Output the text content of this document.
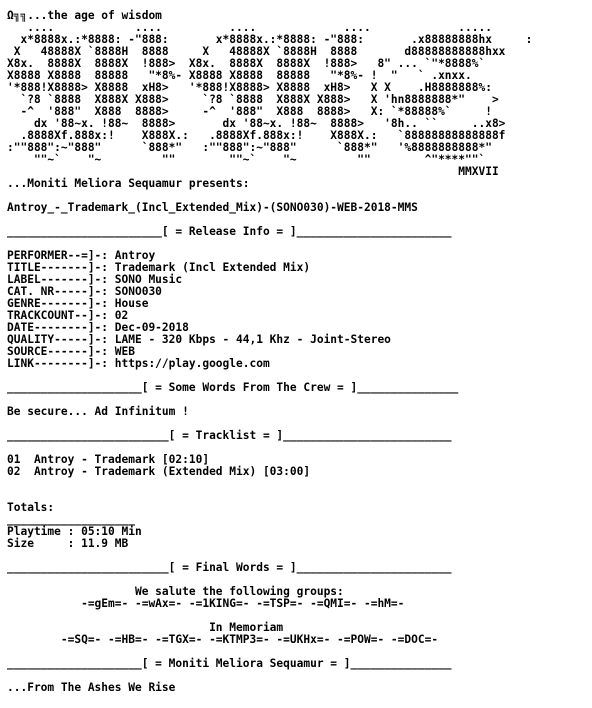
Ω╗╗...the age of wisdom
....            ....          ....             ....             .....
x*8888x.:*8888: -"888:       x*8888x.:*8888: -"888:       .x88888888hx     :
X   48888X `8888H  8888     X   48888X `8888H  8888       d88888888888hxx
X8x.  8888X  8888X  !888>  X8x.  8888X  8888X  !888>   8" ... `"*8888%`
X8888 X8888  88888   "*8%- X8888 X8888  88888   "*8%- !  "   ` .xnxx.
'*888!X8888> X8888  xH8>   '*888!X8888> X8888  xH8>   X X    .H8888888%:
`?8 `8888  X888X X888>     `?8 `8888  X888X X888>   X 'hn8888888*"    >
-^  '888"  X888  8888>     -^  '888"  X888  8888>   X: `*88888%`     !
dx '88~x. !88~  8888>       dx '88~x. !88~  8888>   '8h.. ``     ..x8>
.8888Xf.888x:!    X888X.:   .8888Xf.888x:!    X888X.:   `88888888888888f
:""888":~"888"      `888*"   :""888":~"888"      `888*"   '%8888888888*"
""~`    "~         ""        ""~`    "~         ""        ^"****""`
MMXVII
...Moniti Meliora Sequamur presents:

Antroy_-_Trademark_(Incl_Extended_Mix)-(SONO030)-WEB-2018-MMS

_______________________[ = Release Info = ]_______________________

PERFORMER--=]-: Antroy
TITLE-------]-: Trademark (Incl Extended Mix)
LABEL-------]-: SONO Music
CAT. NR-----]-: SONO030
GENRE-------]-: House
TRACKCOUNT--]-: 02
DATE--------]-: Dec-09-2018
QUALITY-----]-: LAME - 320 Kbps - 44,1 Khz - Joint-Stereo
SOURCE------]-: WEB
LINK--------]-: https://play.google.com

____________________[ = Some Words From The Crew = ]_______________

Be secure... Ad Infinitum !

________________________[ = Tracklist = ]_________________________

01  Antroy - Trademark [02:10]
02  Antroy - Trademark (Extended Mix) [03:00]

Totals:
___________________
Playtime : 05:10 Min
Size     : 11.9 MB

________________________[ = Final Words = ]_______________________

We salute the following groups:
-=gEm=- -=wAx=- -=1KING=- -=TSP=- -=QMI=- -=hM=-

In Memoriam
-=SQ=- -=HB=- -=TGX=- -=KTMP3=- -=UKHx=- -=POW=- -=DOC=-

____________________[ = Moniti Meliora Sequamur = ]_______________

...From The Ashes We Rise
